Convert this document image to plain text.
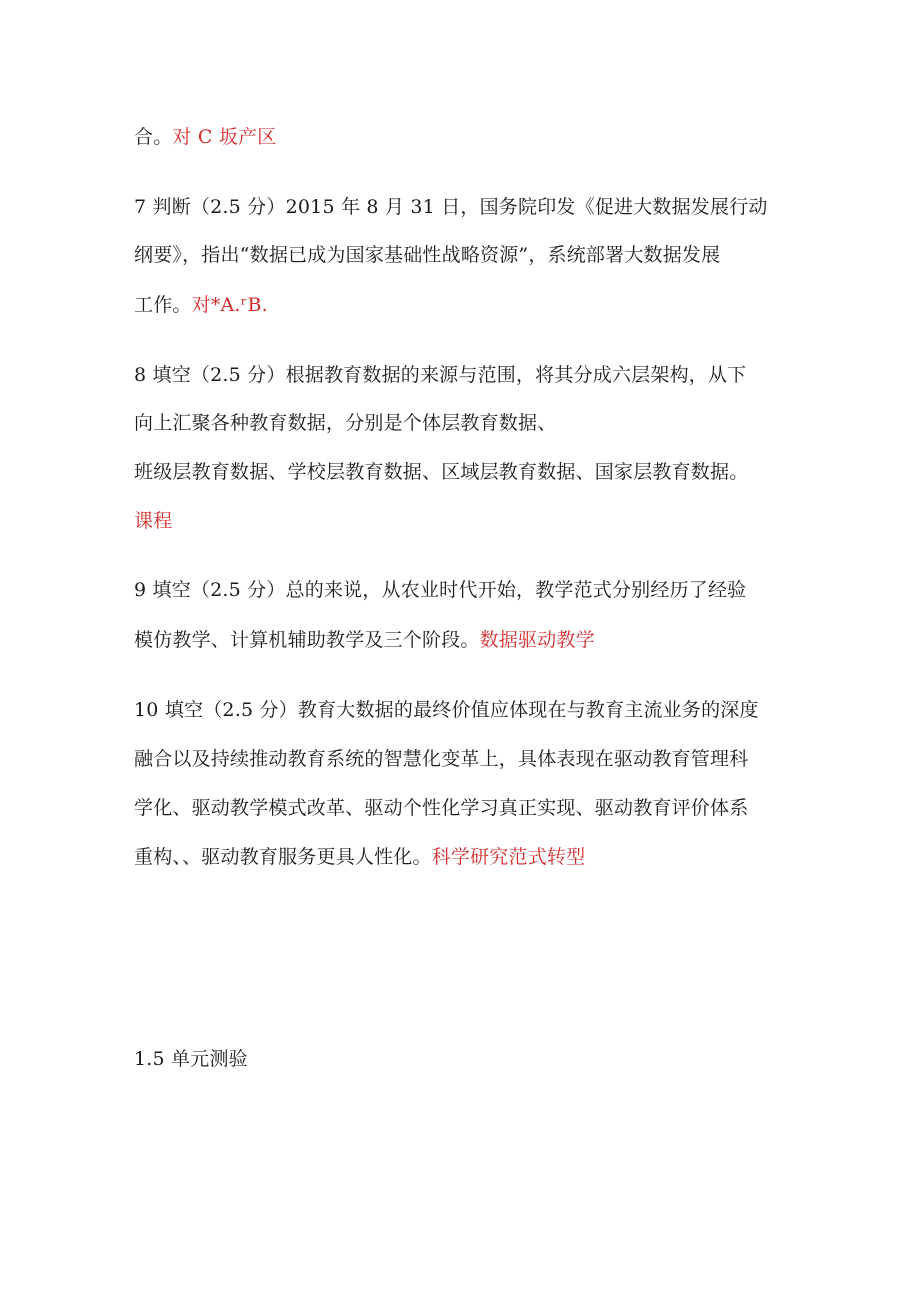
合。对 C 坂产区
7 判断（2.5 分）2015 年 8 月 31 日，国务院印发《促进大数据发展行动
纲要》，指出“数据已成为国家基础性战略资源”，系统部署大数据发展
工作。对*A.ʳB.
8 填空（2.5 分）根据教育数据的来源与范围，将其分成六层架构，从下
向上汇聚各种教育数据，分别是个体层教育数据、
班级层教育数据、学校层教育数据、区域层教育数据、国家层教育数据。
课程
9 填空（2.5 分）总的来说，从农业时代开始，教学范式分别经历了经验
模仿教学、计算机辅助教学及三个阶段。数据驱动教学
10 填空（2.5 分）教育大数据的最终价值应体现在与教育主流业务的深度
融合以及持续推动教育系统的智慧化变革上，具体表现在驱动教育管理科
学化、驱动教学模式改革、驱动个性化学习真正实现、驱动教育评价体系
重构、、驱动教育服务更具人性化。科学研究范式转型
1.5 单元测验
